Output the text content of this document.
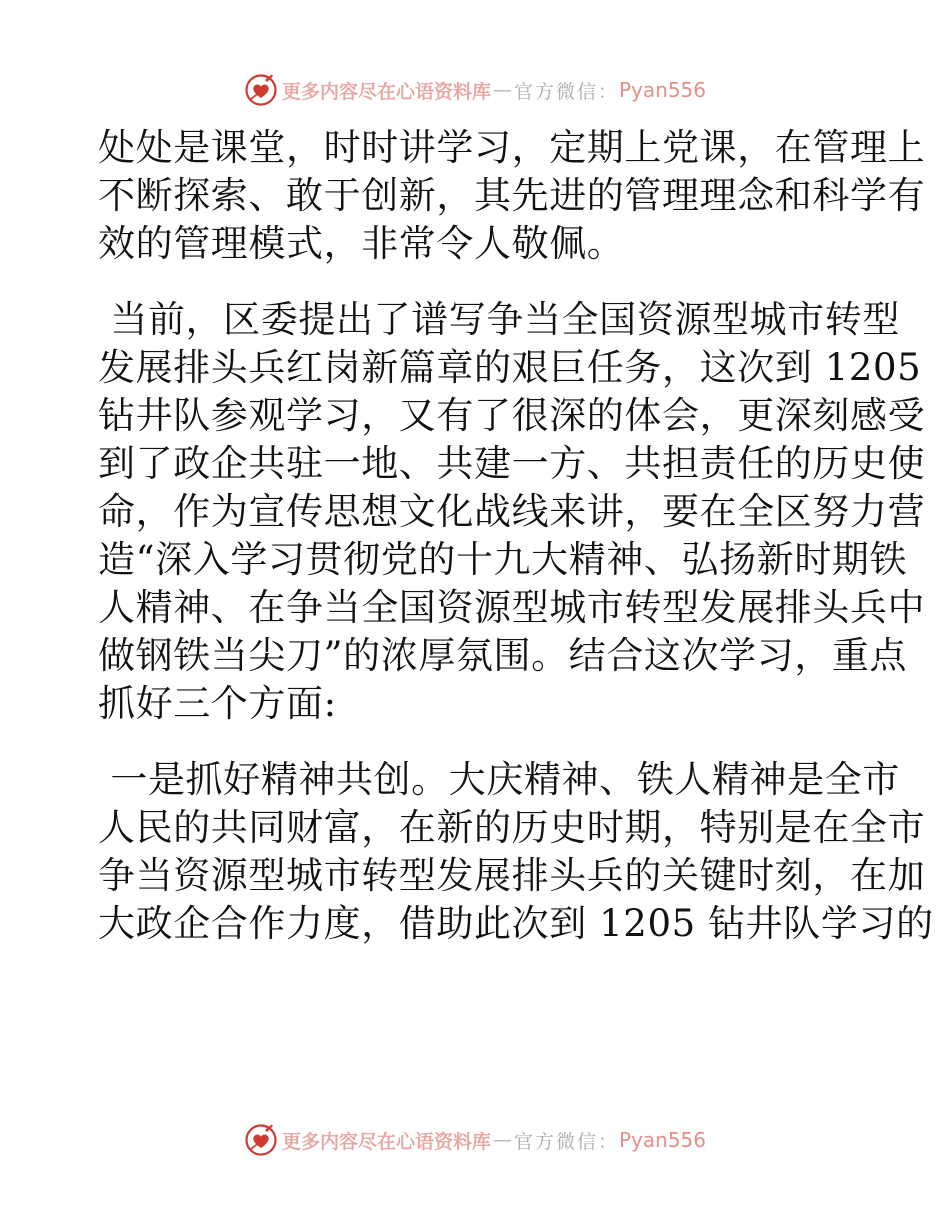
更多内容尽在心语资料库 — 官方微信： Pyan556
处处是课堂，时时讲学习，定期上党课，在管理上
不断探索、敢于创新，其先进的管理理念和科学有
效的管理模式，非常令人敬佩。
当前，区委提出了谱写争当全国资源型城市转型
发展排头兵红岗新篇章的艰巨任务，这次到 1205
钻井队参观学习，又有了很深的体会，更深刻感受
到了政企共驻一地、共建一方、共担责任的历史使
命，作为宣传思想文化战线来讲，要在全区努力营
造“深入学习贯彻党的十九大精神、弘扬新时期铁
人精神、在争当全国资源型城市转型发展排头兵中
做钢铁当尖刀”的浓厚氛围。结合这次学习，重点
抓好三个方面:
一是抓好精神共创。大庆精神、铁人精神是全市
人民的共同财富，在新的历史时期，特别是在全市
争当资源型城市转型发展排头兵的关键时刻，在加
大政企合作力度，借助此次到 1205 钻井队学习的
更多内容尽在心语资料库 — 官方微信： Pyan556
